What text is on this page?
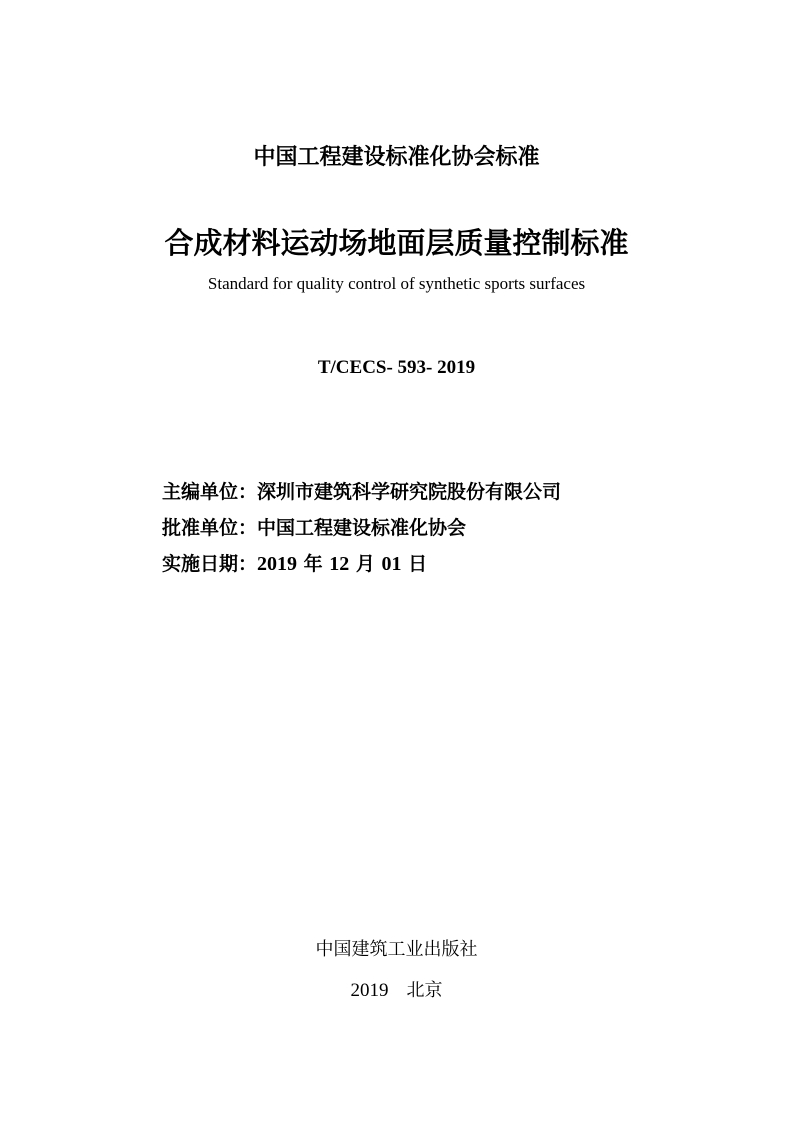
中国工程建设标准化协会标准
合成材料运动场地面层质量控制标准
Standard for quality control of synthetic sports surfaces
T/CECS- 593- 2019
主编单位：深圳市建筑科学研究院股份有限公司
批准单位：中国工程建设标准化协会
实施日期：2019 年 12 月 01 日
中国建筑工业出版社
2019　 北京
